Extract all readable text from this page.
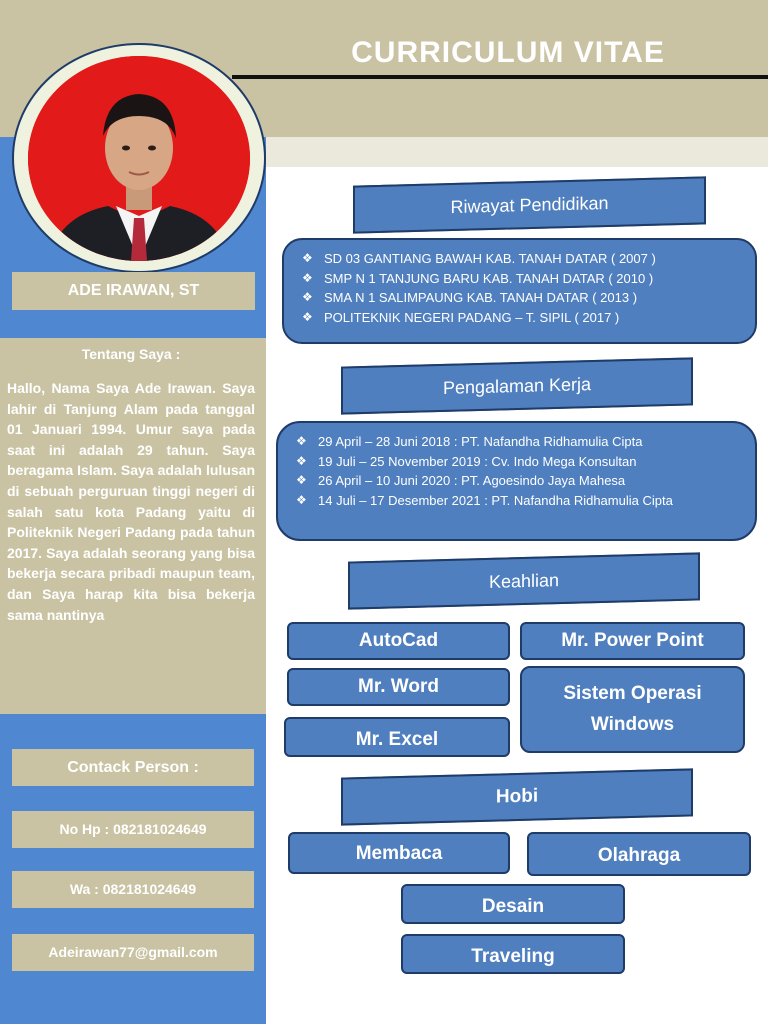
CURRICULUM VITAE
ADE IRAWAN, ST
Tentang Saya :
Hallo, Nama Saya Ade Irawan. Saya lahir di Tanjung Alam pada tanggal 01 Januari 1994. Umur saya pada saat ini adalah 29 tahun. Saya beragama Islam. Saya adalah lulusan di sebuah perguruan tinggi negeri di salah satu kota Padang yaitu di Politeknik Negeri Padang pada tahun 2017. Saya adalah seorang yang bisa bekerja secara pribadi maupun team, dan Saya harap kita bisa bekerja sama nantinya
Contack Person :
No Hp : 082181024649
Wa : 082181024649
Adeirawan77@gmail.com
Riwayat Pendidikan
❖ SD 03 GANTIANG BAWAH KAB. TANAH DATAR ( 2007 )
❖ SMP N 1 TANJUNG BARU KAB. TANAH DATAR ( 2010 )
❖ SMA N 1 SALIMPAUNG KAB. TANAH DATAR ( 2013 )
❖ POLITEKNIK NEGERI PADANG – T. SIPIL ( 2017 )
Pengalaman Kerja
❖ 29 April – 28 Juni 2018 : PT. Nafandha Ridhamulia Cipta
❖ 19 Juli – 25 November 2019 : Cv. Indo Mega Konsultan
❖ 26 April – 10 Juni 2020 : PT. Agoesindo Jaya Mahesa
❖ 14 Juli – 17 Desember 2021 : PT. Nafandha Ridhamulia Cipta
Keahlian
AutoCad	Mr. Power Point
Mr. Word	Sistem Operasi
Windows
Mr. Excel
Hobi
Membaca	Olahraga
Desain
Traveling
